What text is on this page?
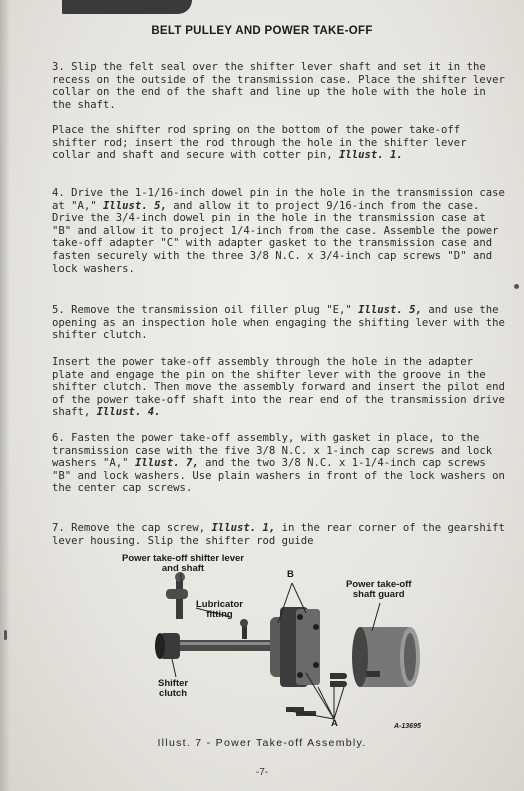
BELT PULLEY AND POWER TAKE-OFF

3. Slip the felt seal over the shifter lever shaft and set it in the recess on the outside of the transmission case. Place the shifter lever collar on the end of the shaft and line up the hole with the hole in the shaft.

Place the shifter rod spring on the bottom of the power take-off shifter rod; insert the rod through the hole in the shifter lever collar and shaft and secure with cotter pin, Illust. 1.

4. Drive the 1-1/16-inch dowel pin in the hole in the transmission case at "A," Illust. 5, and allow it to project 9/16-inch from the case. Drive the 3/4-inch dowel pin in the hole in the transmission case at "B" and allow it to project 1/4-inch from the case. Assemble the power take-off adapter "C" with adapter gasket to the transmission case and fasten securely with the three 3/8 N.C. x 3/4-inch cap screws "D" and lock washers.

5. Remove the transmission oil filler plug "E," Illust. 5, and use the opening as an inspection hole when engaging the shifting lever with the shifter clutch.

Insert the power take-off assembly through the hole in the adapter plate and engage the pin on the shifter lever with the groove in the shifter clutch. Then move the assembly forward and insert the pilot end of the power take-off shaft into the rear end of the transmission drive shaft, Illust. 4.

6. Fasten the power take-off assembly, with gasket in place, to the transmission case with the five 3/8 N.C. x 1-inch cap screws and lock washers "A," Illust. 7, and the two 3/8 N.C. x 1-1/4-inch cap screws "B" and lock washers. Use plain washers in front of the lock washers on the center cap screws.

7. Remove the cap screw, Illust. 1, in the rear corner of the gearshift lever housing. Slip the shifter rod guide

Power take-off shifter lever
and shaft
B
Power take-off
shaft guard
Lubricator
fitting
Shifter
clutch
A	A-13695
Illust. 7 - Power Take-off Assembly.
-7-
